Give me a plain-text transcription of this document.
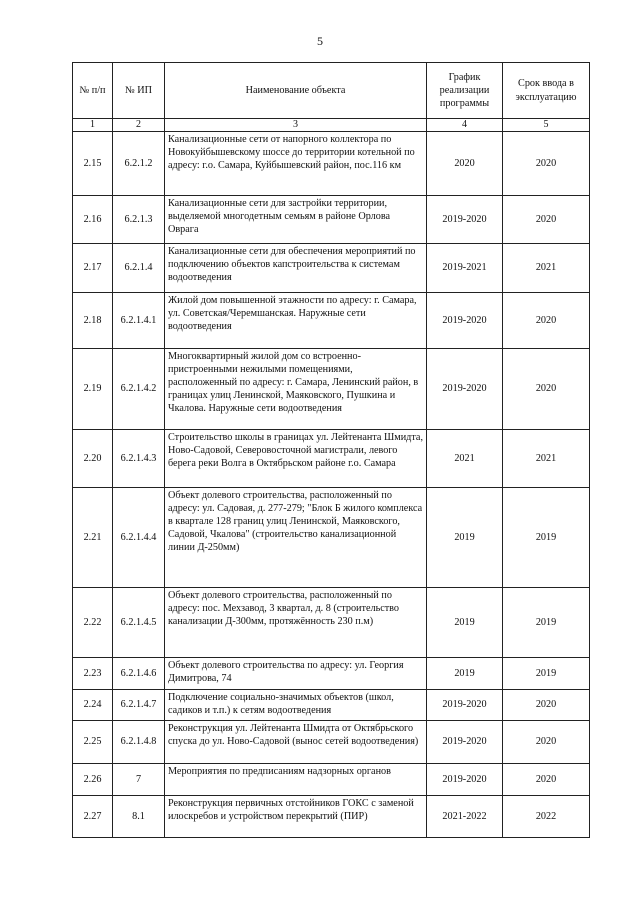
5
№ п/п	№ ИП	Наименование объекта	График реализации программы	Срок ввода в эксплуатацию
1	2	3	4	5
2.15	6.2.1.2	Канализационные сети от напорного коллектора по Новокуйбышевскому шоссе до территории котельной по адресу: г.о. Самара, Куйбышевский район, пос.116 км	2020	2020
2.16	6.2.1.3	Канализационные сети для застройки территории, выделяемой многодетным семьям в районе Орлова Оврага	2019-2020	2020
2.17	6.2.1.4	Канализационные сети для обеспечения мероприятий по подключению объектов капстроительства к системам водоотведения	2019-2021	2021
2.18	6.2.1.4.1	Жилой дом повышенной этажности по адресу: г. Самара, ул. Советская/Черемшанская. Наружные сети водоотведения	2019-2020	2020
2.19	6.2.1.4.2	Многоквартирный жилой дом со встроенно-пристроенными нежилыми помещениями, расположенный по адресу: г. Самара, Ленинский район, в границах улиц Ленинской, Маяковского, Пушкина и Чкалова. Наружные сети водоотведения	2019-2020	2020
2.20	6.2.1.4.3	Строительство школы в границах ул. Лейтенанта Шмидта, Ново-Садовой, Северовосточной магистрали, левого берега реки Волга в Октябрьском районе г.о. Самара	2021	2021
2.21	6.2.1.4.4	Объект долевого строительства, расположенный по адресу: ул. Садовая, д. 277-279; "Блок Б жилого комплекса в квартале 128 границ улиц Ленинской, Маяковского, Садовой, Чкалова" (строительство канализационной линии Д-250мм)	2019	2019
2.22	6.2.1.4.5	Объект долевого строительства, расположенный по адресу: пос. Мехзавод, 3 квартал, д. 8 (строительство канализации Д-300мм, протяжённость 230 п.м)	2019	2019
2.23	6.2.1.4.6	Объект долевого строительства по адресу: ул. Георгия Димитрова, 74	2019	2019
2.24	6.2.1.4.7	Подключение социально-значимых объектов (школ, садиков и т.п.) к сетям водоотведения	2019-2020	2020
2.25	6.2.1.4.8	Реконструкция ул. Лейтенанта Шмидта от Октябрьского спуска до ул. Ново-Садовой (вынос сетей водоотведения)	2019-2020	2020
2.26	7	Мероприятия по предписаниям надзорных органов	2019-2020	2020
2.27	8.1	Реконструкция первичных отстойников ГОКС с заменой илоскребов и устройством перекрытий (ПИР)	2021-2022	2022
